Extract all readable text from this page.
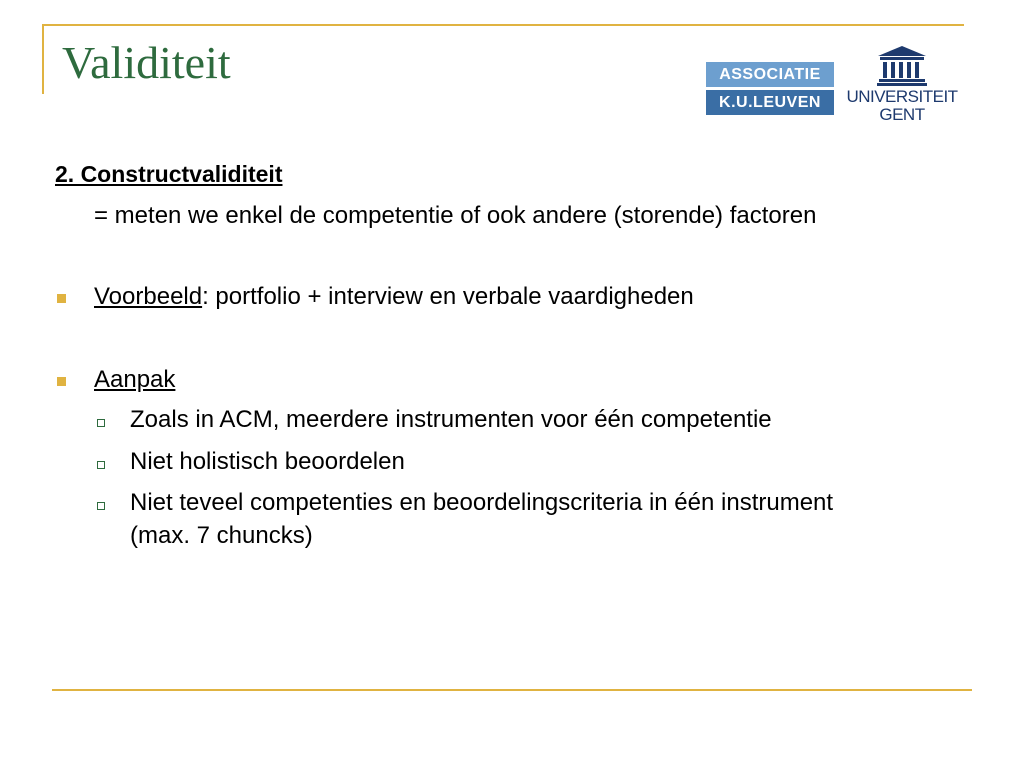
Validiteit	ASSOCIATIE
K.U.LEUVEN	UNIVERSITEIT
GENT
2. Constructvaliditeit
= meten we enkel de competentie of ook andere (storende) factoren
Voorbeeld: portfolio + interview en verbale vaardigheden
Aanpak
Zoals in ACM, meerdere instrumenten voor één competentie
Niet holistisch beoordelen
Niet teveel competenties en beoordelingscriteria in één instrument
(max. 7 chuncks)
